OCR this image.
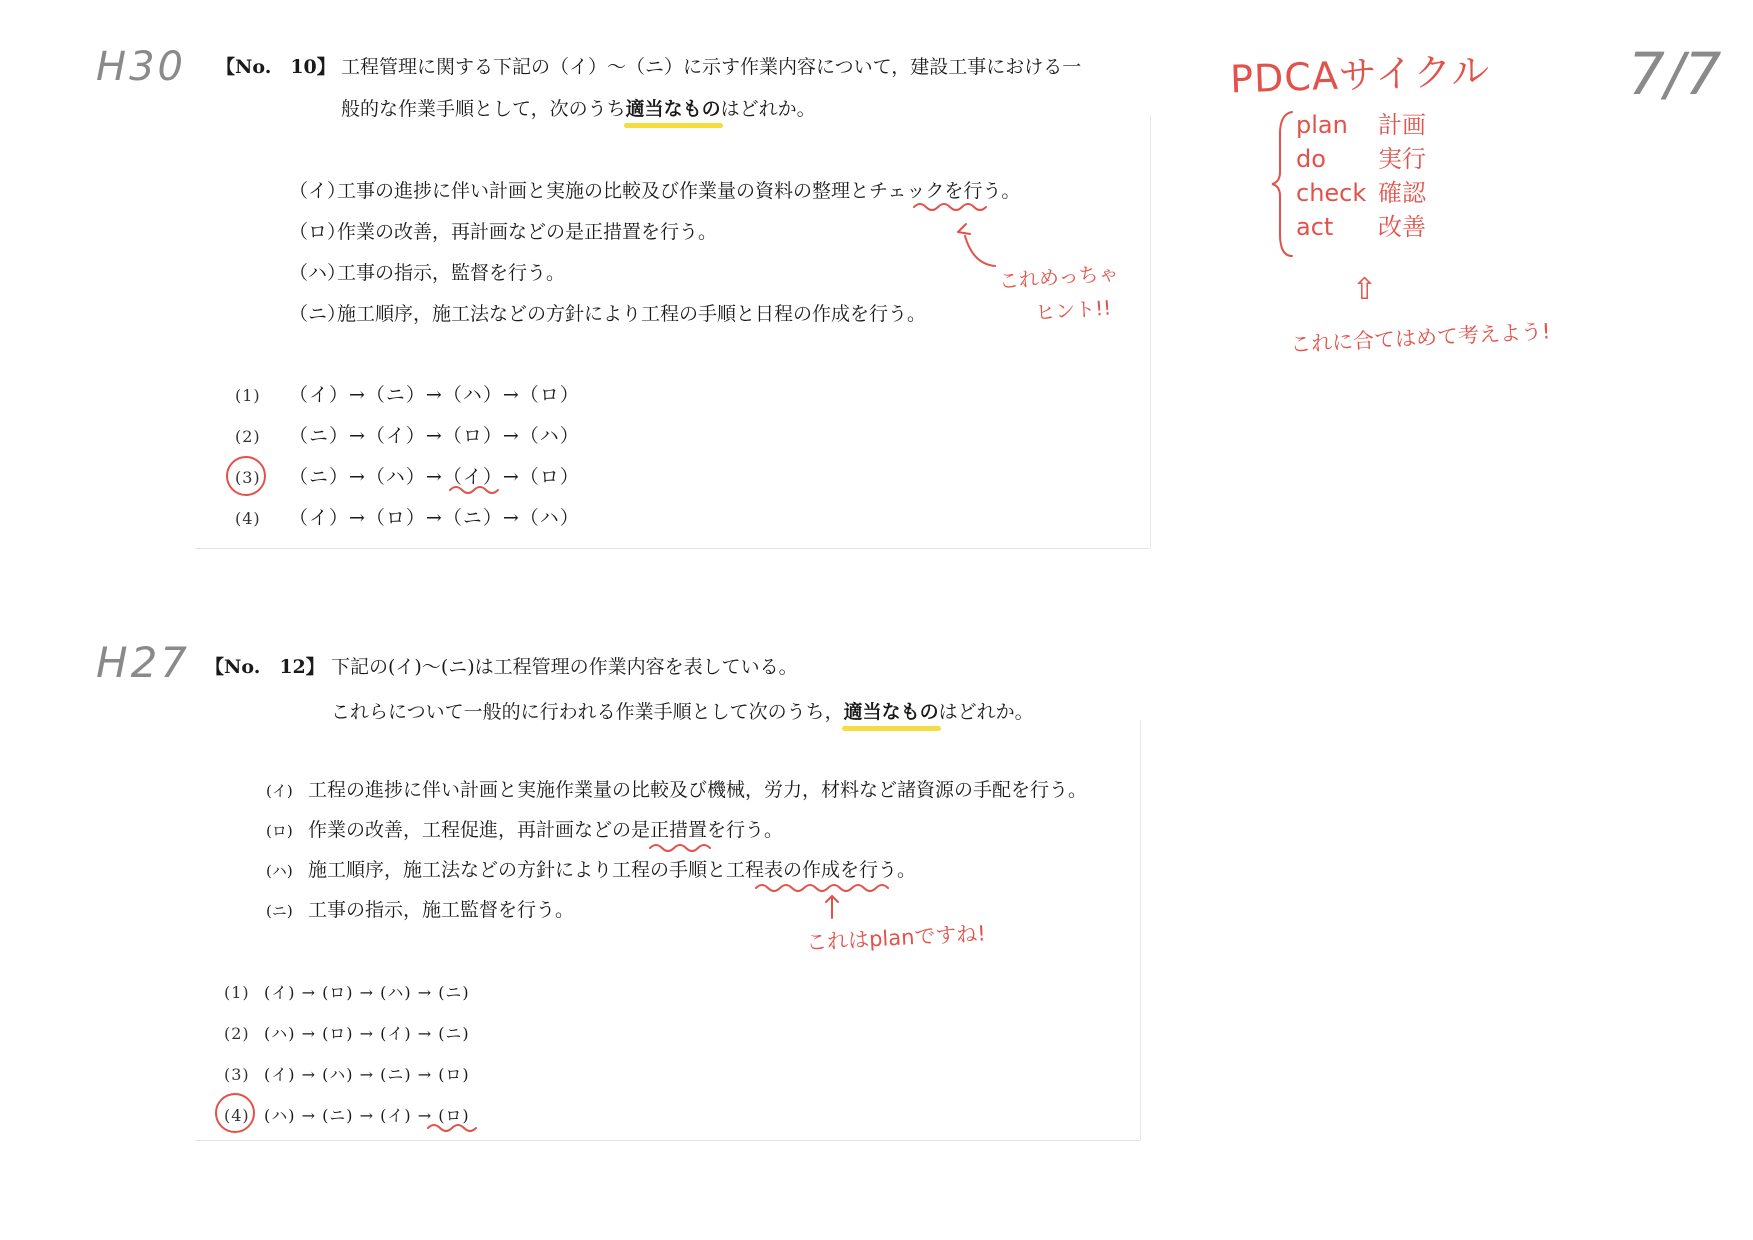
H30
H27
7/7
【No.　10】 工程管理に関する下記の（イ）～（ニ）に示す作業内容について，建設工事における一
般的な作業手順として，次のうち適当なものはどれか。
（イ）工事の進捗に伴い計画と実施の比較及び作業量の資料の整理とチェックを行う。
（ロ）作業の改善，再計画などの是正措置を行う。
（ハ）工事の指示，監督を行う。
（ニ）施工順序，施工法などの方針により工程の手順と日程の作成を行う。
(1) （イ）→（ニ）→（ハ）→（ロ）
(2) （ニ）→（イ）→（ロ）→（ハ）
(3) （ニ）→（ハ）→（イ）→（ロ）
(4) （イ）→（ロ）→（ニ）→（ハ）
これめっちゃ
ヒント!!
【No.　12】 下記の(イ)～(ニ)は工程管理の作業内容を表している。
これらについて一般的に行われる作業手順として次のうち，適当なものはどれか。
(イ) 工程の進捗に伴い計画と実施作業量の比較及び機械，労力，材料など諸資源の手配を行う。
(ロ) 作業の改善，工程促進，再計画などの是正措置を行う。
(ハ) 施工順序，施工法などの方針により工程の手順と工程表の作成を行う。
(ニ) 工事の指示，施工監督を行う。
(1) (イ) → (ロ) → (ハ) → (ニ)
(2) (ハ) → (ロ) → (イ) → (ニ)
(3) (イ) → (ハ) → (ニ) → (ロ)
(4) (ハ) → (ニ) → (イ) → (ロ)
これはplanですね!
PDCAサイクル
plan 計画
do 実行
check 確認
act 改善
⇧
これに合てはめて考えよう!
